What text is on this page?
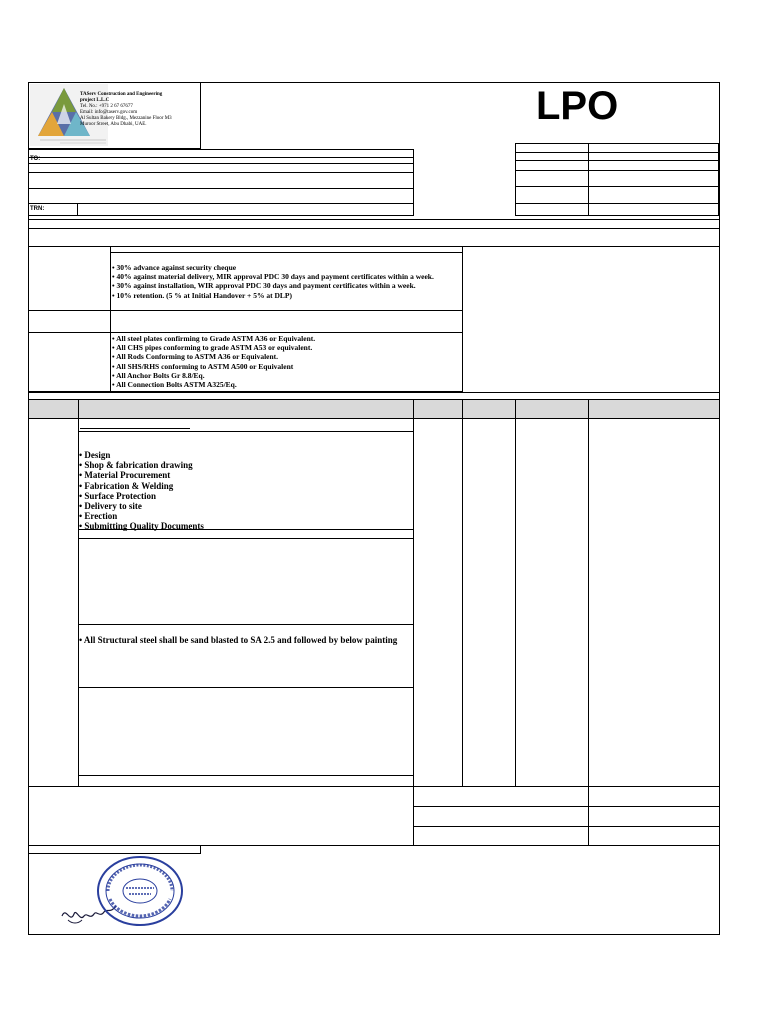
TAServ Construction and Engineering
project L.L.C
Tel. No.: +971 2 67 67677
Email: info@taserv.gov.com
Al Sultan Bakery Bldg., Mezzanine Floor M3
Muroor Street, Abu Dhabi, UAE.	LPO
TO:
TRN:
• 30% advance against security cheque
• 40% against material delivery, MIR approval PDC 30 days and payment certificates within a week.
• 30% against installation, WIR approval PDC 30 days and payment certificates within a week.
• 10% retention. (5 % at Initial Handover + 5% at DLP)
• All steel plates confirming to Grade ASTM A36 or Equivalent.
• All CHS pipes conforming to grade ASTM A53 or equivalent.
• All Rods Conforming to ASTM A36 or Equivalent.
• All SHS/RHS conforming to ASTM A500 or Equivalent
• All Anchor Bolts Gr 8.8/Eq.
• All Connection Bolts ASTM A325/Eq.
• Design
• Shop & fabrication drawing
• Material Procurement
• Fabrication & Welding
• Surface Protection
• Delivery to site
• Erection
• Submitting Quality Documents
• All Structural steel shall be sand blasted to SA 2.5 and followed by below painting
